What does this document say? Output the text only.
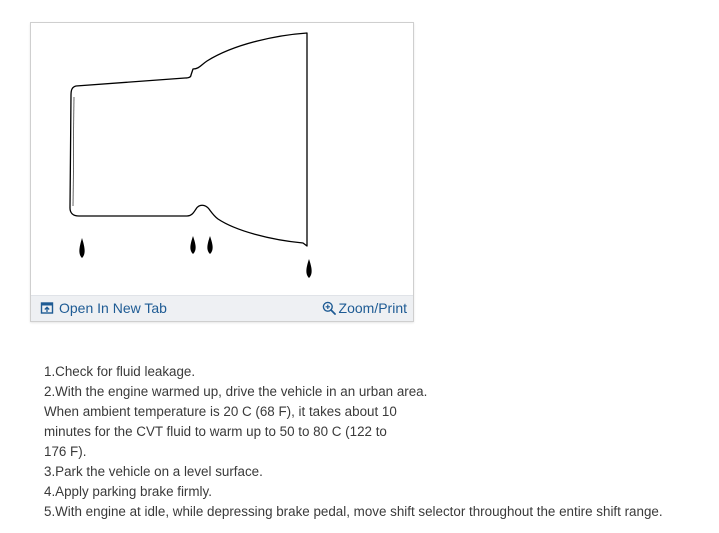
Open In New Tab	Zoom/Print
1.Check for fluid leakage.
2.With the engine warmed up, drive the vehicle in an urban area.
When ambient temperature is 20 C (68 F), it takes about 10
minutes for the CVT fluid to warm up to 50 to 80 C (122 to
176 F).
3.Park the vehicle on a level surface.
4.Apply parking brake firmly.
5.With engine at idle, while depressing brake pedal, move shift selector throughout the entire shift range.
